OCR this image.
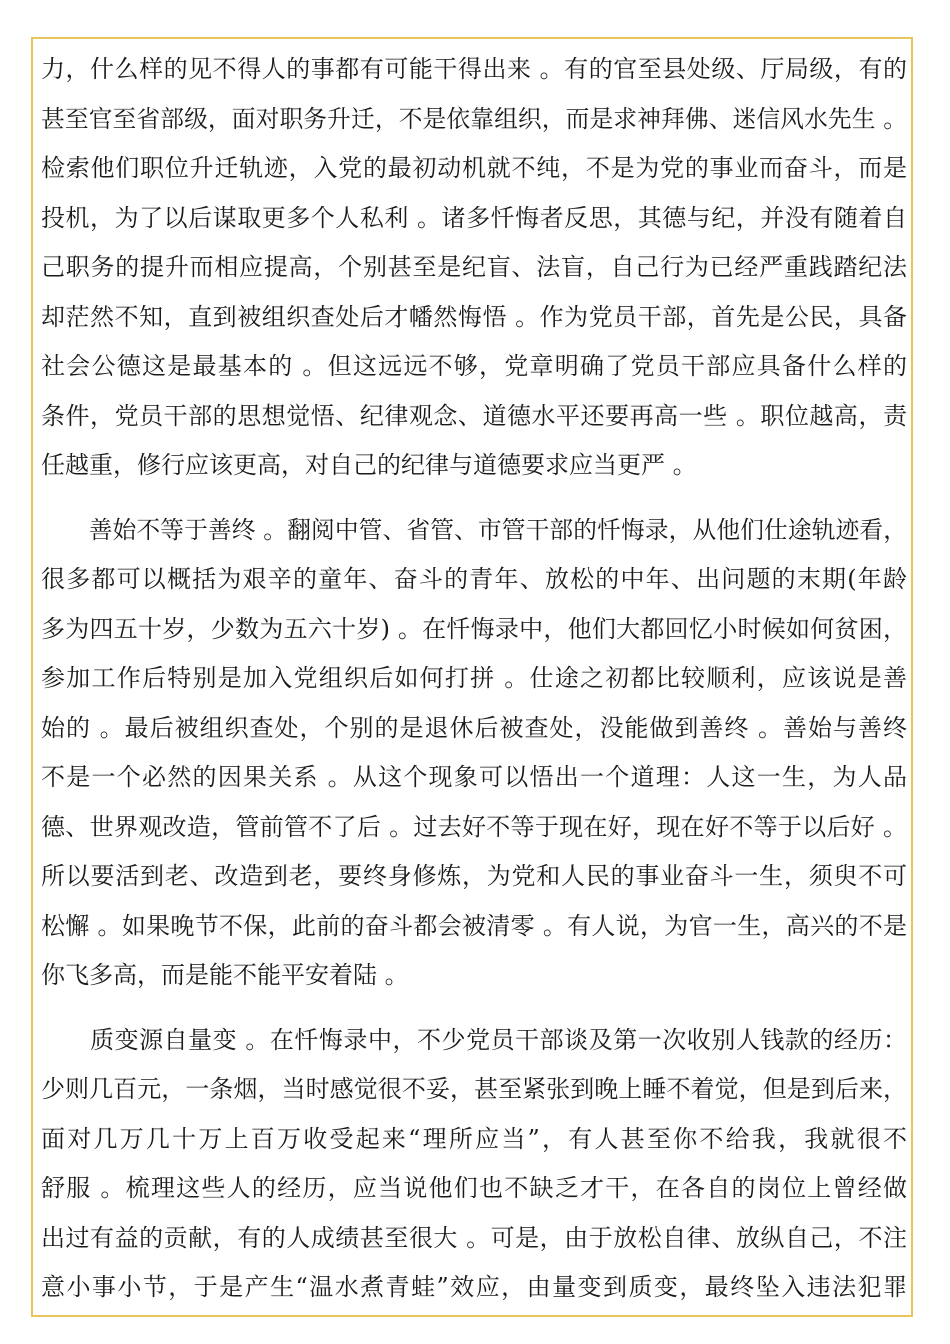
力，什么样的见不得人的事都有可能干得出来 。有的官至县处级、厅局级，有的
甚至官至省部级，面对职务升迁，不是依靠组织，而是求神拜佛、迷信风水先生 。
检索他们职位升迁轨迹，入党的最初动机就不纯，不是为党的事业而奋斗，而是
投机，为了以后谋取更多个人私利 。诸多忏悔者反思，其德与纪，并没有随着自
己职务的提升而相应提高，个别甚至是纪盲、法盲，自己行为已经严重践踏纪法
却茫然不知，直到被组织查处后才幡然悔悟 。作为党员干部，首先是公民，具备
社会公德这是最基本的 。但这远远不够，党章明确了党员干部应具备什么样的
条件，党员干部的思想觉悟、纪律观念、道德水平还要再高一些 。职位越高，责
任越重，修行应该更高，对自己的纪律与道德要求应当更严 。
　　善始不等于善终 。翻阅中管、省管、市管干部的忏悔录，从他们仕途轨迹看，
很多都可以概括为艰辛的童年、奋斗的青年、放松的中年、出问题的末期(年龄
多为四五十岁，少数为五六十岁) 。在忏悔录中，他们大都回忆小时候如何贫困，
参加工作后特别是加入党组织后如何打拼 。仕途之初都比较顺利，应该说是善
始的 。最后被组织查处，个别的是退休后被查处，没能做到善终 。善始与善终
不是一个必然的因果关系 。从这个现象可以悟出一个道理：人这一生，为人品
德、世界观改造，管前管不了后 。过去好不等于现在好，现在好不等于以后好 。
所以要活到老、改造到老，要终身修炼，为党和人民的事业奋斗一生，须臾不可
松懈 。如果晚节不保，此前的奋斗都会被清零 。有人说，为官一生，高兴的不是
你飞多高，而是能不能平安着陆 。
　　质变源自量变 。在忏悔录中，不少党员干部谈及第一次收别人钱款的经历：
少则几百元，一条烟，当时感觉很不妥，甚至紧张到晚上睡不着觉，但是到后来，
面对几万几十万上百万收受起来“理所应当”，有人甚至你不给我，我就很不
舒服 。梳理这些人的经历，应当说他们也不缺乏才干，在各自的岗位上曾经做
出过有益的贡献，有的人成绩甚至很大 。可是，由于放松自律、放纵自己，不注
意小事小节，于是产生“温水煮青蛙”效应，由量变到质变，最终坠入违法犯罪
